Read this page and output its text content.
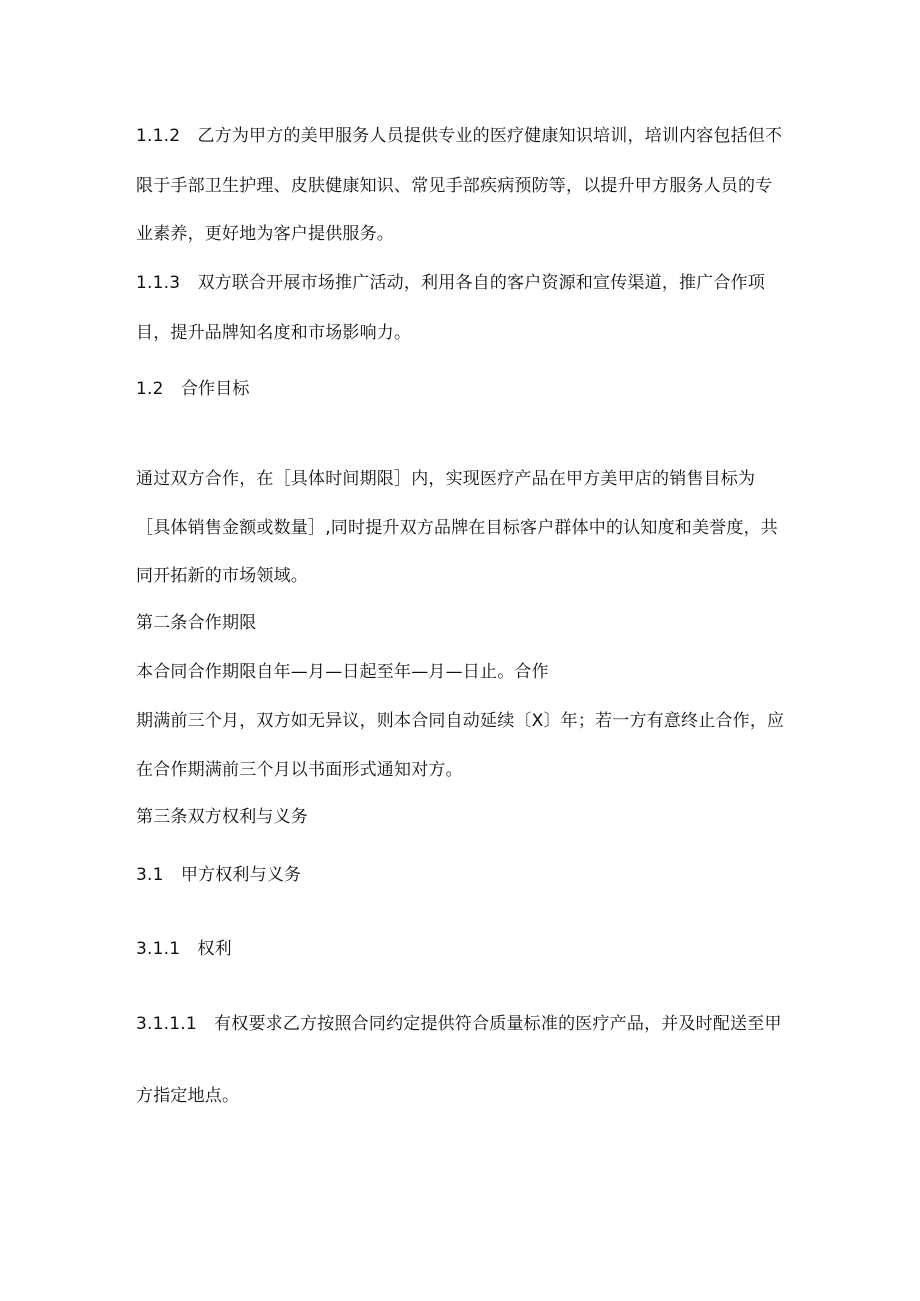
1.1.2　乙方为甲方的美甲服务人员提供专业的医疗健康知识培训，培训内容包括但不
限于手部卫生护理、皮肤健康知识、常见手部疾病预防等，以提升甲方服务人员的专
业素养，更好地为客户提供服务。
1.1.3　双方联合开展市场推广活动，利用各自的客户资源和宣传渠道，推广合作项
目，提升品牌知名度和市场影响力。
1.2　合作目标
通过双方合作，在［具体时间期限］内，实现医疗产品在甲方美甲店的销售目标为
［具体销售金额或数量］,同时提升双方品牌在目标客户群体中的认知度和美誉度，共
同开拓新的市场领域。
第二条合作期限
本合同合作期限自年—月—日起至年—月—日止。合作
期满前三个月，双方如无异议，则本合同自动延续〔X〕年；若一方有意终止合作，应
在合作期满前三个月以书面形式通知对方。
第三条双方权利与义务
3.1　甲方权利与义务
3.1.1　权利
3.1.1.1　有权要求乙方按照合同约定提供符合质量标准的医疗产品，并及时配送至甲
方指定地点。
